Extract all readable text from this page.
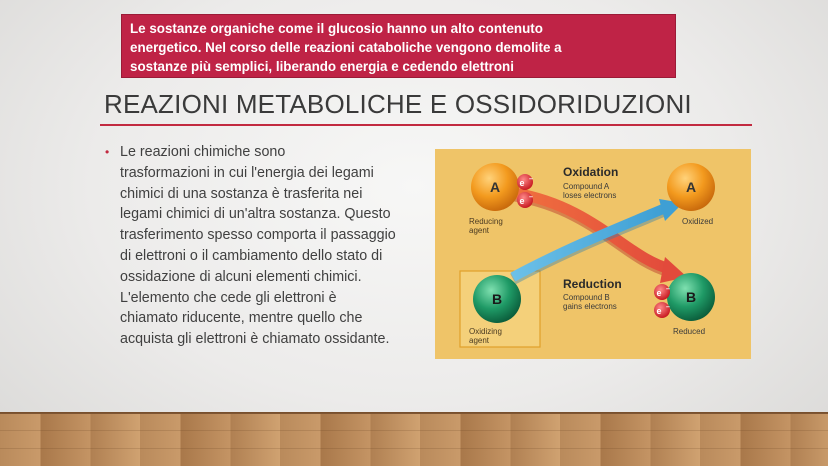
Le sostanze organiche come il glucosio hanno un alto contenuto
energetico. Nel corso delle reazioni cataboliche vengono demolite a
sostanze più semplici, liberando energia e cedendo elettroni
REAZIONI METABOLICHE E OSSIDORIDUZIONI
• Le reazioni chimiche sono
trasformazioni in cui l'energia dei legami
chimici di una sostanza è trasferita nei
legami chimici di un'altra sostanza. Questo
trasferimento spesso comporta il passaggio
di elettroni o il cambiamento dello stato di
ossidazione di alcuni elementi chimici.
L'elemento che cede gli elettroni è
chiamato riducente, mentre quello che
acquista gli elettroni è chiamato ossidante.
A e –
e –
Reducing
agent
Oxidation
Compound A
loses electrons
A
Oxidized
B
Oxidizing
agent
Reduction
Compound B
gains electrons
B
e –
e –
Reduced
